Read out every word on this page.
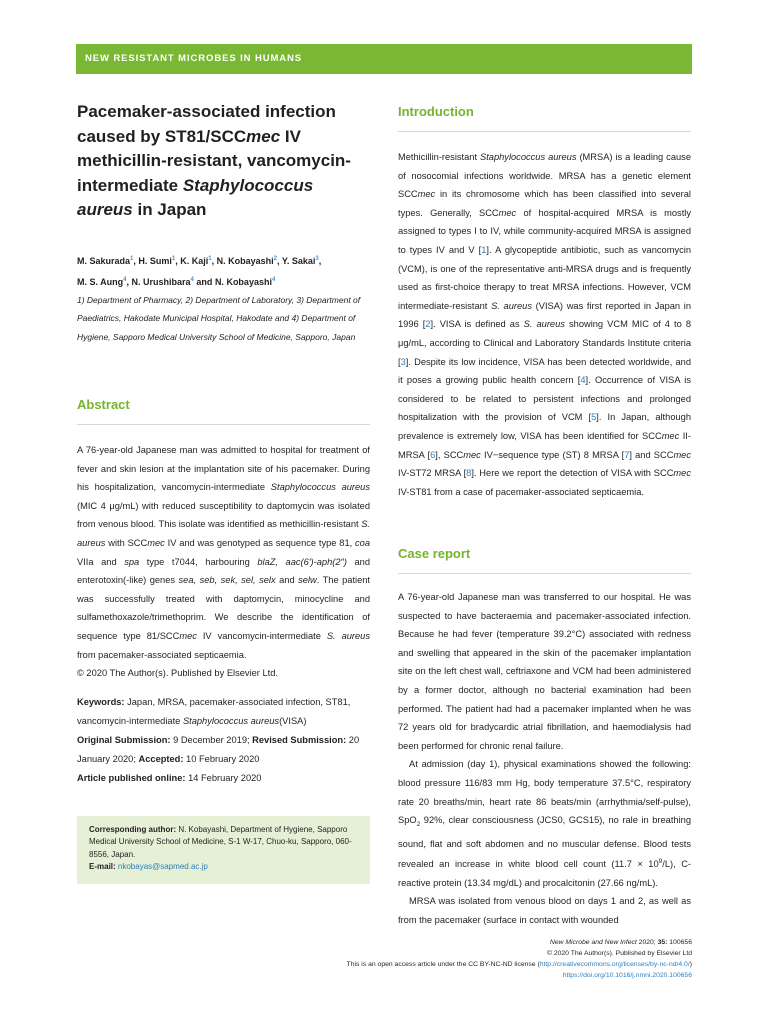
NEW RESISTANT MICROBES IN HUMANS
Pacemaker-associated infection caused by ST81/SCCmec IV methicillin-resistant, vancomycin-intermediate Staphylococcus aureus in Japan
M. Sakurada$^1$, H. Sumi$^1$, K. Kaji$^1$, N. Kobayashi$^2$, Y. Sakai$^3$,
M. S. Aung$^4$, N. Urushibara$^4$ and N. Kobayashi$^4$
1) Department of Pharmacy, 2) Department of Laboratory, 3) Department of Paediatrics, Hakodate Municipal Hospital, Hakodate and 4) Department of Hygiene, Sapporo Medical University School of Medicine, Sapporo, Japan
Abstract

A 76-year-old Japanese man was admitted to hospital for treatment of fever and skin lesion at the implantation site of his pacemaker. During his hospitalization, vancomycin-intermediate Staphylococcus aureus (MIC 4 μg/mL) with reduced susceptibility to daptomycin was isolated from venous blood. This isolate was identified as methicillin-resistant S. aureus with SCCmec IV and was genotyped as sequence type 81, coa VIIa and spa type t7044, harbouring blaZ, aac(6′)-aph(2″) and enterotoxin(-like) genes sea, seb, sek, sel, selx and selw. The patient was successfully treated with daptomycin, minocycline and sulfamethoxazole/trimethoprim. We describe the identification of sequence type 81/SCCmec IV vancomycin-intermediate S. aureus from pacemaker-associated septicaemia.

© 2020 The Author(s). Published by Elsevier Ltd.

Keywords: Japan, MRSA, pacemaker-associated infection, ST81, vancomycin-intermediate Staphylococcus aureus(VISA)
Original Submission: 9 December 2019; Revised Submission: 20 January 2020; Accepted: 10 February 2020
Article published online: 14 February 2020

Corresponding author: N. Kobayashi, Department of Hygiene, Sapporo Medical University School of Medicine, S-1 W-17, Chuo-ku, Sapporo, 060-8556, Japan.
E-mail: nkobayas@sapmed.ac.jp

Introduction

Methicillin-resistant Staphylococcus aureus (MRSA) is a leading cause of nosocomial infections worldwide. MRSA has a genetic element SCCmec in its chromosome which has been classified into several types. Generally, SCCmec of hospital-acquired MRSA is mostly assigned to types I to IV, while community-acquired MRSA is assigned to types IV and V [1]. A glycopeptide antibiotic, such as vancomycin (VCM), is one of the representative anti-MRSA drugs and is frequently used as first-choice therapy to treat MRSA infections. However, VCM intermediate-resistant S. aureus (VISA) was first reported in Japan in 1996 [2]. VISA is defined as S. aureus showing VCM MIC of 4 to 8 μg/mL, according to Clinical and Laboratory Standards Institute criteria [3]. Despite its low incidence, VISA has been detected worldwide, and it poses a growing public health concern [4]. Occurrence of VISA is considered to be related to persistent infections and prolonged hospitalization with the provision of VCM [5]. In Japan, although prevalence is extremely low, VISA has been identified for SCCmec II-MRSA [6], SCCmec IV−sequence type (ST) 8 MRSA [7] and SCCmec IV-ST72 MRSA [8]. Here we report the detection of VISA with SCCmec IV-ST81 from a case of pacemaker-associated septicaemia.

Case report

A 76-year-old Japanese man was transferred to our hospital. He was suspected to have bacteraemia and pacemaker-associated infection. Because he had fever (temperature 39.2°C) associated with redness and swelling that appeared in the skin of the pacemaker implantation site on the left chest wall, ceftriaxone and VCM had been administered by a former doctor, although no bacterial examination had been performed. The patient had had a pacemaker implanted when he was 72 years old for bradycardic atrial fibrillation, and haemodialysis had been performed for chronic renal failure.

At admission (day 1), physical examinations showed the following: blood pressure 116/83 mm Hg, body temperature 37.5°C, respiratory rate 20 breaths/min, heart rate 86 beats/min (arrhythmia/self-pulse), SpO$_2$ 92%, clear consciousness (JCS0, GCS15), no rale in breathing sound, flat and soft abdomen and no muscular defense. Blood tests revealed an increase in white blood cell count $(11.7 \times 10^9/L)$, C-reactive protein (13.34 mg/dL) and procalcitonin (27.66 ng/mL).

MRSA was isolated from venous blood on days 1 and 2, as well as from the pacemaker (surface in contact with wounded

New Microbe and New Infect 2020; 35: 100656
© 2020 The Author(s). Published by Elsevier Ltd
This is an open access article under the CC BY-NC-ND license (http://creativecommons.org/licenses/by-nc-nd/4.0/)
https://doi.org/10.1016/j.nmni.2020.100656
